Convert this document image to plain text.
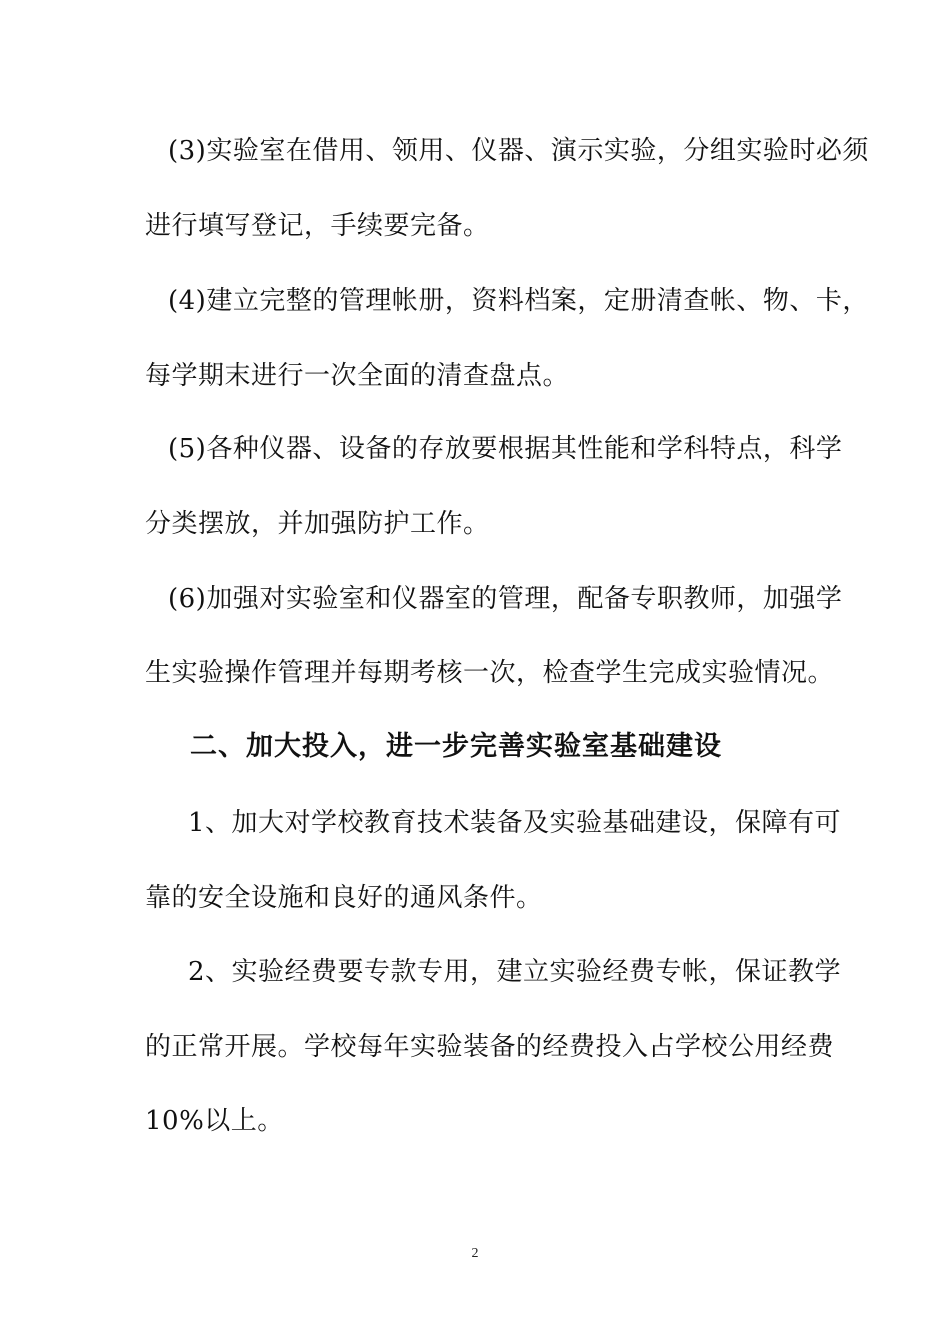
(3)实验室在借用、领用、仪器、演示实验，分组实验时必须
进行填写登记，手续要完备。
(4)建立完整的管理帐册，资料档案，定册清查帐、物、卡，
每学期末进行一次全面的清查盘点。
(5)各种仪器、设备的存放要根据其性能和学科特点，科学
分类摆放，并加强防护工作。
(6)加强对实验室和仪器室的管理，配备专职教师，加强学
生实验操作管理并每期考核一次，检查学生完成实验情况。
二、加大投入，进一步完善实验室基础建设
1、加大对学校教育技术装备及实验基础建设，保障有可
靠的安全设施和良好的通风条件。
2、实验经费要专款专用，建立实验经费专帐，保证教学
的正常开展。学校每年实验装备的经费投入占学校公用经费
10%以上。
2
